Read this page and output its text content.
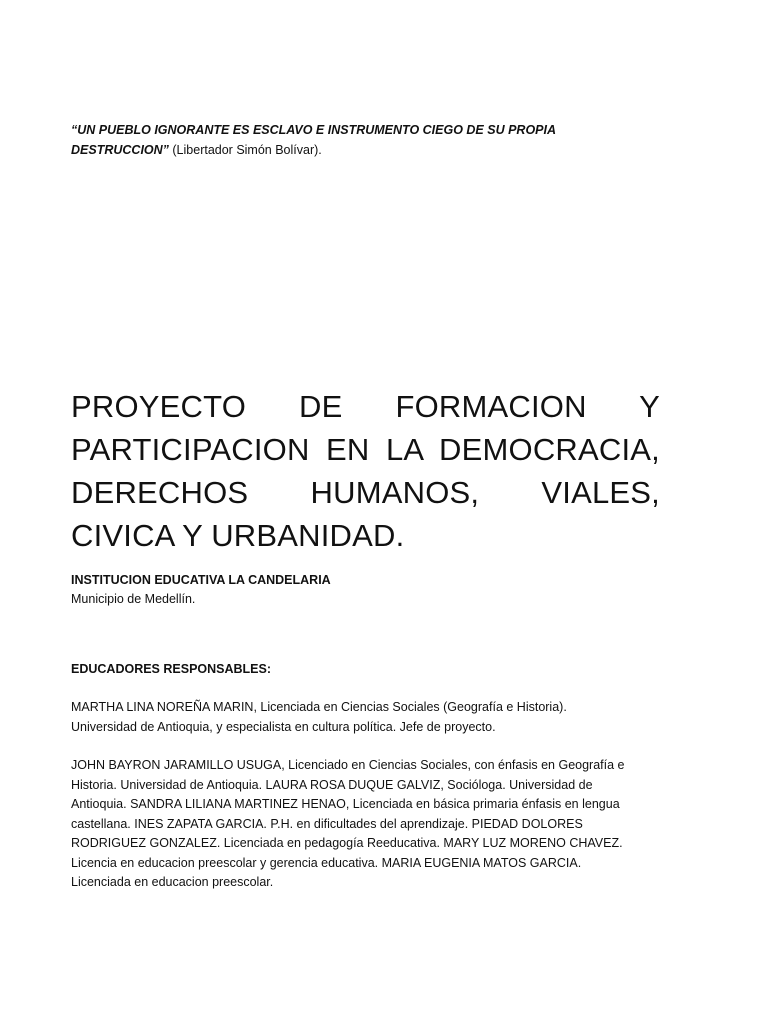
“UN PUEBLO IGNORANTE ES ESCLAVO E INSTRUMENTO CIEGO DE SU PROPIA DESTRUCCION” (Libertador Simón Bolívar).

PROYECTO DE FORMACION Y PARTICIPACION EN LA DEMOCRACIA, DERECHOS HUMANOS, VIALES, CIVICA Y URBANIDAD.
INSTITUCION EDUCATIVA LA CANDELARIA
Municipio de Medellín.
EDUCADORES RESPONSABLES:

MARTHA LINA NOREÑA MARIN, Licenciada en Ciencias Sociales (Geografía e Historia). Universidad de Antioquia, y especialista en cultura política. Jefe de proyecto.

JOHN BAYRON JARAMILLO USUGA, Licenciado en Ciencias Sociales, con énfasis en Geografía e Historia. Universidad de Antioquia. LAURA ROSA DUQUE GALVIZ, Socióloga. Universidad de Antioquia. SANDRA LILIANA MARTINEZ HENAO, Licenciada en básica primaria énfasis en lengua castellana. INES ZAPATA GARCIA. P.H. en dificultades del aprendizaje. PIEDAD DOLORES RODRIGUEZ GONZALEZ. Licenciada en pedagogía Reeducativa. MARY LUZ MORENO CHAVEZ. Licencia en educacion preescolar y gerencia educativa. MARIA EUGENIA MATOS GARCIA. Licenciada en educacion preescolar.
